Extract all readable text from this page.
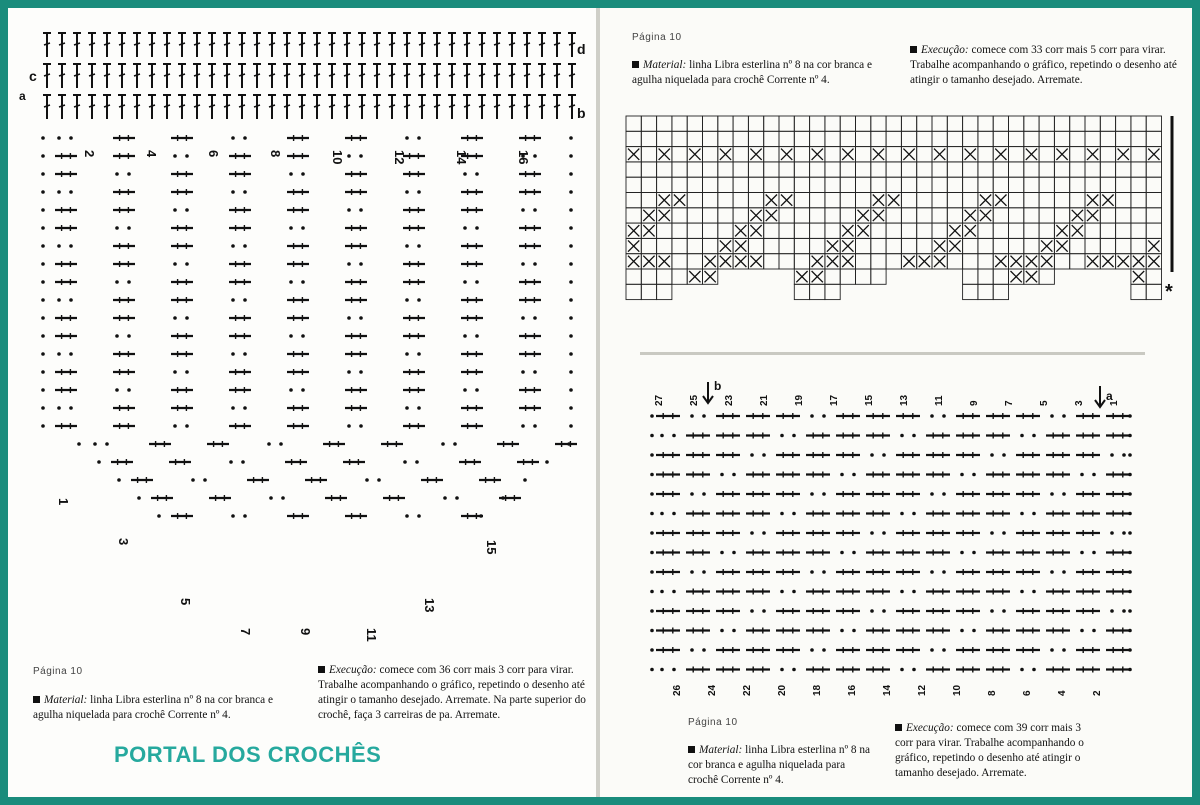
c
d
b
a
2	4	6	8	10	12	14	16
1
3
5
7	9	11
13
15
Página 10
Material: linha Libra esterlina nº 8 na cor branca e agulha niquelada para crochê Corrente nº 4.
Execução: comece com 36 corr mais 3 corr para virar. Trabalhe acompanhando o gráfico, repetindo o desenho até atingir o tamanho desejado. Arremate. Na parte superior do crochê, faça 3 carreiras de pa. Arremate.
PORTAL DOS CROCHÊS
Página 10
Material: linha Libra esterlina nº 8 na cor branca e agulha niquelada para crochê Corrente nº 4.
Execução: comece com 33 corr mais 5 corr para virar. Trabalhe acompanhando o gráfico, repetindo o desenho até atingir o tamanho desejado. Arremate.
*
27 25 23 21 19 17 15 13 11 9 7 5 3 1
26 24 22 20 18 16 14 12 10 8 6 4 2
b
a
Página 10
Material: linha Libra esterlina nº 8 na cor branca e agulha niquelada para crochê Corrente nº 4.
Execução: comece com 39 corr mais 3 corr para virar. Trabalhe acompanhando o gráfico, repetindo o desenho até atingir o tamanho desejado. Arremate.
